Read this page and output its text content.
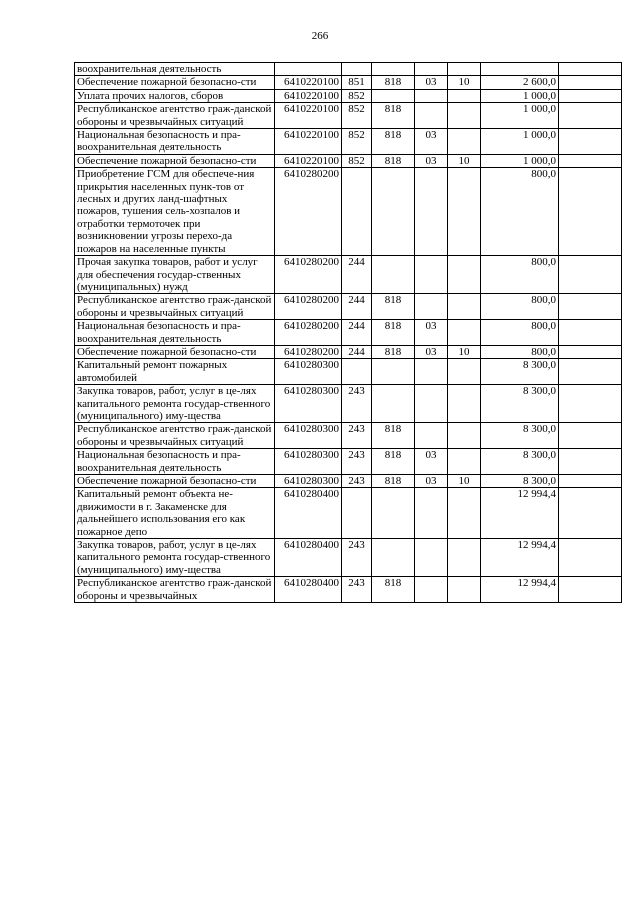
266
воохранительная деятельность							
Обеспечение пожарной безопасно-сти	6410220100	851	818	03	10	2 600,0	
Уплата прочих налогов, сборов	6410220100	852				1 000,0	
Республиканское агентство граж-данской обороны и чрезвычайных ситуаций	6410220100	852	818			1 000,0	
Национальная безопасность и пра-воохранительная деятельность	6410220100	852	818	03		1 000,0	
Обеспечение пожарной безопасно-сти	6410220100	852	818	03	10	1 000,0	
Приобретение ГСМ для обеспече-ния прикрытия населенных пунк-тов от лесных и других ланд-шафтных пожаров, тушения сель-хозпалов и отработки термоточек при возникновении угрозы перехо-да пожаров на населенные пункты	6410280200					800,0	
Прочая закупка товаров, работ и услуг для обеспечения государ-ственных (муниципальных) нужд	6410280200	244				800,0	
Республиканское агентство граж-данской обороны и чрезвычайных ситуаций	6410280200	244	818			800,0	
Национальная безопасность и пра-воохранительная деятельность	6410280200	244	818	03		800,0	
Обеспечение пожарной безопасно-сти	6410280200	244	818	03	10	800,0	
Капитальный ремонт пожарных автомобилей	6410280300					8 300,0	
Закупка товаров, работ, услуг в це-лях капитального ремонта государ-ственного (муниципального) иму-щества	6410280300	243				8 300,0	
Республиканское агентство граж-данской обороны и чрезвычайных ситуаций	6410280300	243	818			8 300,0	
Национальная безопасность и пра-воохранительная деятельность	6410280300	243	818	03		8 300,0	
Обеспечение пожарной безопасно-сти	6410280300	243	818	03	10	8 300,0	
Капитальный ремонт объекта не-движимости в г. Закаменске для дальнейшего использования его как пожарное депо	6410280400					12 994,4	
Закупка товаров, работ, услуг в це-лях капитального ремонта государ-ственного (муниципального) иму-щества	6410280400	243				12 994,4	
Республиканское агентство граж-данской обороны и чрезвычайных	6410280400	243	818			12 994,4	
